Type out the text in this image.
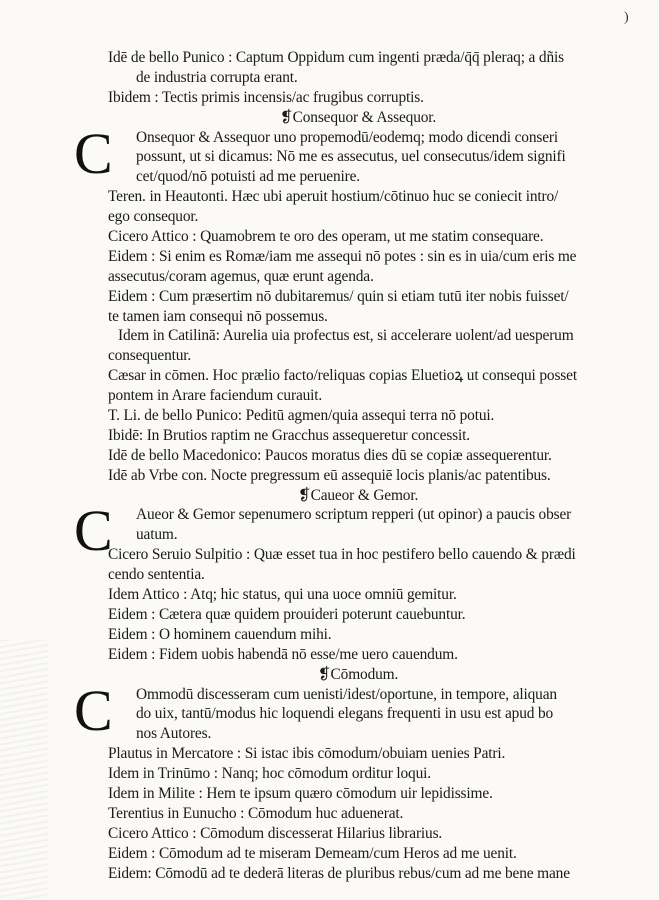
)
Idē de bello Punico : Captum Oppidum cum ingenti præda/q̄q̄ pleraq; a dñis
de industria corrupta erant.
Ibidem : Tectis primis incensis/ac frugibus corruptis.
❡Consequor & Assequor.
C Onsequor & Assequor uno propemodū/eodemq; modo dicendi conseri
possunt, ut si dicamus: Nō me es assecutus, uel consecutus/idem signifi
cet/quod/nō potuisti ad me peruenire.
Teren. in Heautonti. Hæc ubi aperuit hostium/cōtinuo huc se coniecit intro/
ego consequor.
Cicero Attico : Quamobrem te oro des operam, ut me statim consequare.
Eidem : Si enim es Romæ/iam me assequi nō potes : sin es in uia/cum eris me
assecutus/coram agemus, quæ erunt agenda.
Eidem : Cum præsertim nō dubitaremus/ quin si etiam tutū iter nobis fuisset/
te tamen iam consequi nō possemus.
Idem in Catilinā: Aurelia uia profectus est, si accelerare uolent/ad uesperum
consequentur.
Cæsar in cōmen. Hoc prælio facto/reliquas copias Eluetioꝝ ut consequi posset
pontem in Arare faciendum curauit.
T. Li. de bello Punico: Peditū agmen/quia assequi terra nō potui.
Ibidē: In Brutios raptim ne Gracchus assequeretur concessit.
Idē de bello Macedonico: Paucos moratus dies dū se copiæ assequerentur.
Idē ab Vrbe con. Nocte pregressum eū assequiē locis planis/ac patentibus.
❡Caueor & Gemor.
C Aueor & Gemor sepenumero scriptum repperi (ut opinor) a paucis obser
uatum.
Cicero Seruio Sulpitio : Quæ esset tua in hoc pestifero bello cauendo & prædi
cendo sententia.
Idem Attico : Atq; hic status, qui una uoce omniū gemitur.
Eidem : Cætera quæ quidem prouideri poterunt cauebuntur.
Eidem : O hominem cauendum mihi.
Eidem : Fidem uobis habendā nō esse/me uero cauendum.
❡Cōmodum.
C Ommodū discesseram cum uenisti/idest/oportune, in tempore, aliquan
do uix, tantū/modus hic loquendi elegans frequenti in usu est apud bo
nos Autores.
Plautus in Mercatore : Si istac ibis cōmodum/obuiam uenies Patri.
Idem in Trinūmo : Nanq; hoc cōmodum orditur loqui.
Idem in Milite : Hem te ipsum quæro cōmodum uir lepidissime.
Terentius in Eunucho : Cōmodum huc aduenerat.
Cicero Attico : Cōmodum discesserat Hilarius librarius.
Eidem : Cōmodum ad te miseram Demeam/cum Heros ad me uenit.
Eidem: Cōmodū ad te dederā literas de pluribus rebus/cum ad me bene mane
